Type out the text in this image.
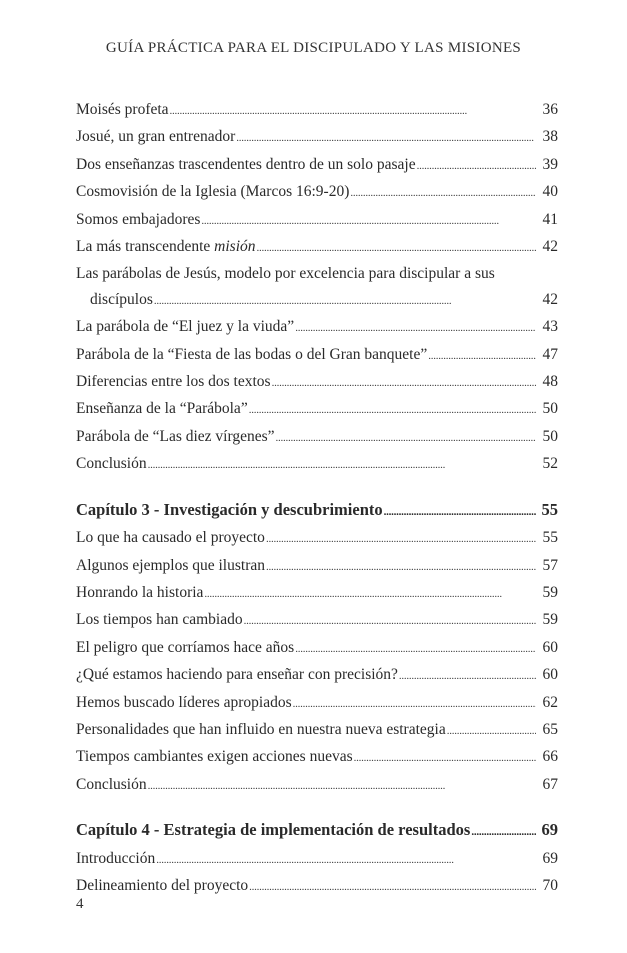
GUÍA PRÁCTICA PARA EL DISCIPULADO Y LAS MISIONES
Moisés profeta . . .	36
Josué, un gran entrenador . . .	38
Dos enseñanzas trascendentes dentro de un solo pasaje . . .	39
Cosmovisión de la Iglesia (Marcos 16:9-20) . . .	40
Somos embajadores . . .	41
La más transcendente misión . . .	42
Las parábolas de Jesús, modelo por excelencia para discipular a sus
discípulos . . .	42
La parábola de “El juez y la viuda” . . .	43
Parábola de la “Fiesta de las bodas o del Gran banquete” . . .	47
Diferencias entre los dos textos . . .	48
Enseñanza de la “Parábola” . . .	50
Parábola de “Las diez vírgenes” . . .	50
Conclusión . . .	52
Capítulo 3 - Investigación y descubrimiento . . .	55
Lo que ha causado el proyecto . . .	55
Algunos ejemplos que ilustran . . .	57
Honrando la historia . . .	59
Los tiempos han cambiado . . .	59
El peligro que corríamos hace años . . .	60
¿Qué estamos haciendo para enseñar con precisión? . . .	60
Hemos buscado líderes apropiados . . .	62
Personalidades que han influido en nuestra nueva estrategia . . .	65
Tiempos cambiantes exigen acciones nuevas . . .	66
Conclusión . . .	67
Capítulo 4 - Estrategia de implementación de resultados . . .	69
Introducción . . .	69
Delineamiento del proyecto . . .	70
4
